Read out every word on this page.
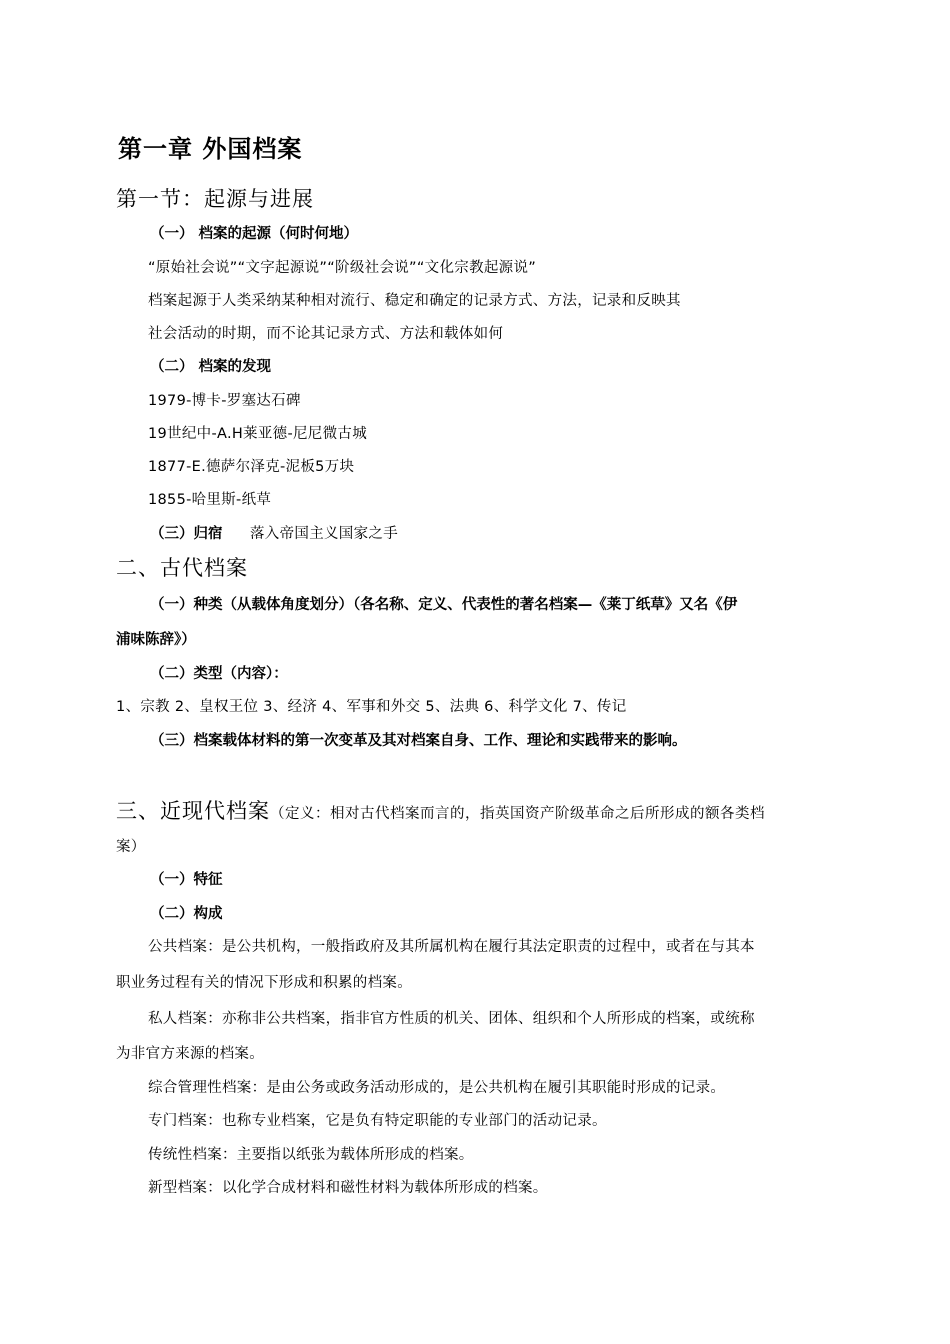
第一章 外国档案
第一节：起源与进展
（一） 档案的起源（何时何地）
“原始社会说”“文字起源说”“阶级社会说”“文化宗教起源说”
档案起源于人类采纳某种相对流行、稳定和确定的记录方式、方法，记录和反映其
社会活动的时期，而不论其记录方式、方法和载体如何
（二） 档案的发现
1979-博卡-罗塞达石碑
19世纪中-A.H莱亚德-尼尼微古城
1877-E.德萨尔泽克-泥板5万块
1855-哈里斯-纸草
（三）归宿 落入帝国主义国家之手
二、古代档案
（一）种类（从载体角度划分）（各名称、定义、代表性的著名档案—《莱丁纸草》又名《伊
浦味陈辞》）
（二）类型（内容）：
1、宗教 2、皇权王位 3、经济 4、军事和外交 5、法典 6、科学文化 7、传记
（三）档案载体材料的第一次变革及其对档案自身、工作、理论和实践带来的影响。
三、近现代档案（定义：相对古代档案而言的，指英国资产阶级革命之后所形成的额各类档
案）
（一）特征
（二）构成
公共档案：是公共机构，一般指政府及其所属机构在履行其法定职责的过程中，或者在与其本
职业务过程有关的情况下形成和积累的档案。
私人档案：亦称非公共档案，指非官方性质的机关、团体、组织和个人所形成的档案，或统称
为非官方来源的档案。
综合管理性档案：是由公务或政务活动形成的，是公共机构在履引其职能时形成的记录。
专门档案：也称专业档案，它是负有特定职能的专业部门的活动记录。
传统性档案：主要指以纸张为载体所形成的档案。
新型档案：以化学合成材料和磁性材料为载体所形成的档案。
